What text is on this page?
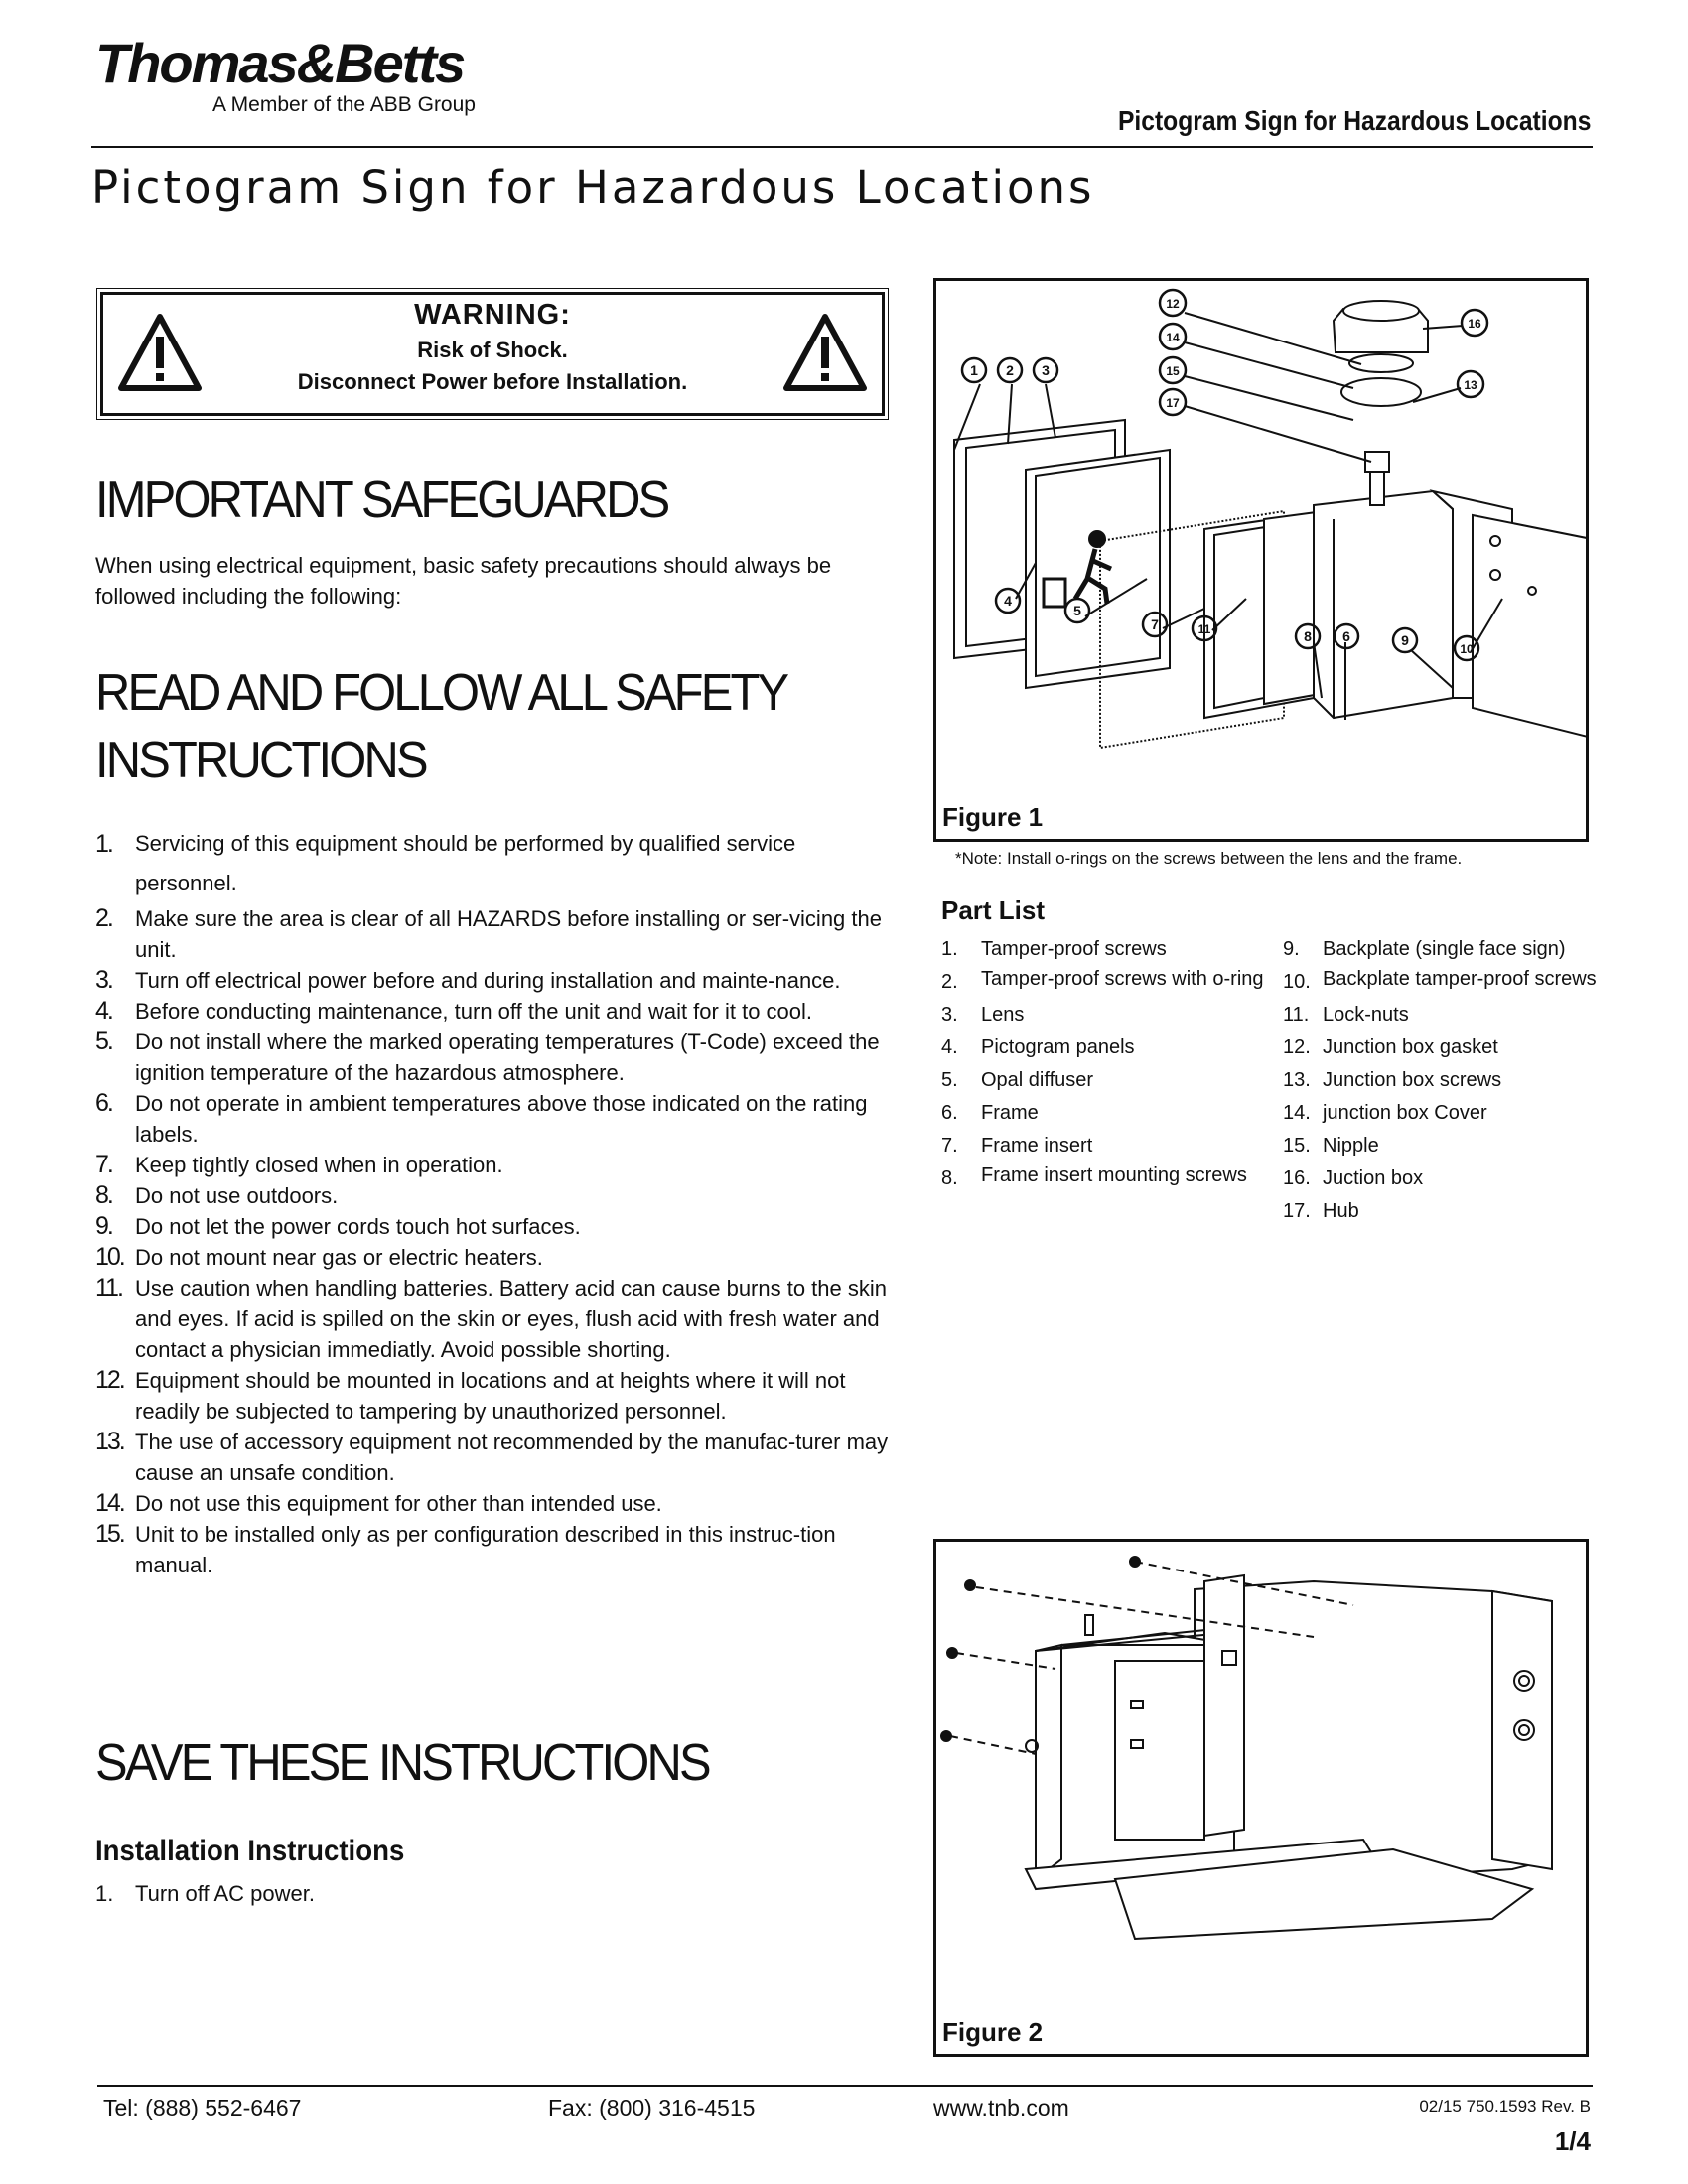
Thomas&Betts
A Member of the ABB Group
Pictogram Sign for Hazardous Locations
Pictogram Sign for Hazardous Locations
WARNING:
Risk of Shock.
Disconnect Power before Installation.
IMPORTANT SAFEGUARDS

When using electrical equipment, basic safety precautions should always be followed including the following:

READ AND FOLLOW ALL SAFETY INSTRUCTIONS
1. Servicing of this equipment should be performed by qualified service personnel.
2. Make sure the area is clear of all HAZARDS before installing or ser-vicing the unit.
3. Turn off electrical power before and during installation and mainte-nance.
4. Before conducting maintenance, turn off the unit and wait for it to cool.
5. Do not install where the marked operating temperatures (T-Code) exceed the ignition temperature of the hazardous atmosphere.
6. Do not operate in ambient temperatures above those indicated on the rating labels.
7. Keep tightly closed when in operation.
8. Do not use outdoors.
9. Do not let the power cords touch hot surfaces.
10. Do not mount near gas or electric heaters.
11. Use caution when handling batteries. Battery acid can cause burns to the skin and eyes. If acid is spilled on the skin or eyes, flush acid with fresh water and contact a physician immediatly. Avoid possible shorting.
12. Equipment should be mounted in locations and at heights where it will not readily be subjected to tampering by unauthorized personnel.
13. The use of accessory equipment not recommended by the manufac-turer may cause an unsafe condition.
14. Do not use this equipment for other than intended use.
15. Unit to be installed only as per configuration described in this instruc-tion manual.
SAVE THESE INSTRUCTIONS
Installation Instructions
1. Turn off AC power.
1 2 3
4
5
6
7
8	9
10
11
12
13
14
15
16
17
Figure 1
*Note: Install o-rings on the screws between the lens and the frame.
Part List
1. Tamper-proof screws
2. Tamper-proof screws with o-ring
3. Lens
4. Pictogram panels
5. Opal diffuser
6. Frame
7. Frame insert
8. Frame insert mounting screws
9. Backplate (single face sign)
10. Backplate tamper-proof screws
11. Lock-nuts
12. Junction box gasket
13. Junction box screws
14. junction box Cover
15. Nipple
16. Juction box
17. Hub
Figure 2
Tel: (888) 552-6467	Fax: (800) 316-4515	www.tnb.com	02/15 750.1593 Rev. B
1/4
